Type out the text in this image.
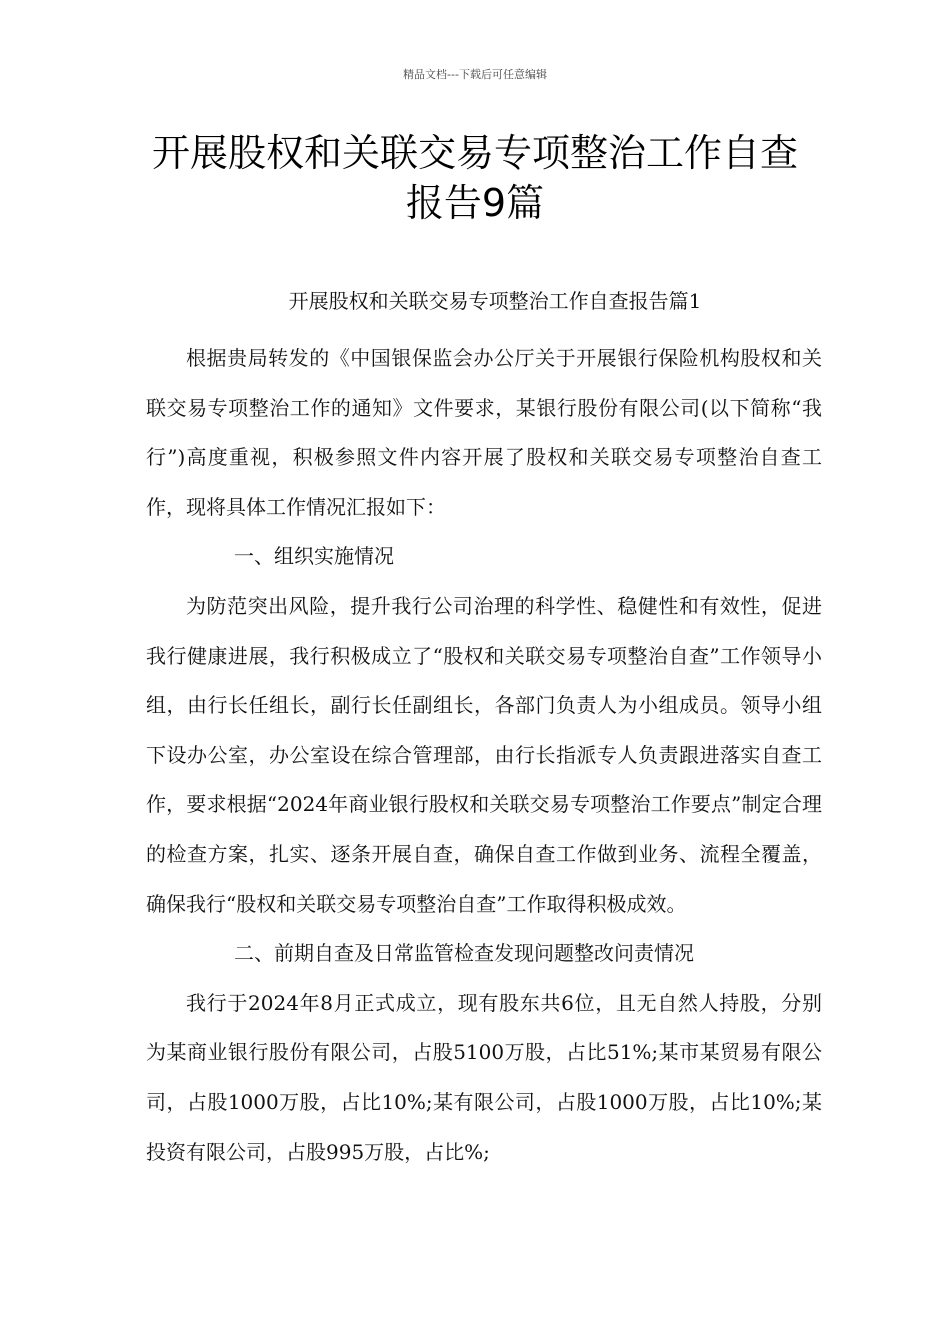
精品文档---下载后可任意编辑
开展股权和关联交易专项整治工作自查
报告9篇
开展股权和关联交易专项整治工作自查报告篇1

根据贵局转发的《中国银保监会办公厅关于开展银行保险机构股权和关联交易专项整治工作的通知》文件要求，某银行股份有限公司(以下简称“我行”)高度重视，积极参照文件内容开展了股权和关联交易专项整治自查工作，现将具体工作情况汇报如下：

一、组织实施情况

为防范突出风险，提升我行公司治理的科学性、稳健性和有效性，促进我行健康进展，我行积极成立了“股权和关联交易专项整治自查”工作领导小组，由行长任组长，副行长任副组长，各部门负责人为小组成员。领导小组下设办公室，办公室设在综合管理部，由行长指派专人负责跟进落实自查工作，要求根据“2024年商业银行股权和关联交易专项整治工作要点”制定合理的检查方案，扎实、逐条开展自查，确保自查工作做到业务、流程全覆盖，确保我行“股权和关联交易专项整治自查”工作取得积极成效。

二、前期自查及日常监管检查发现问题整改问责情况

我行于2024年8月正式成立，现有股东共6位，且无自然人持股，分别为某商业银行股份有限公司，占股5100万股，占比51%;某市某贸易有限公司，占股1000万股，占比10%;某有限公司，占股1000万股，占比10%;某投资有限公司，占股995万股，占比%;
